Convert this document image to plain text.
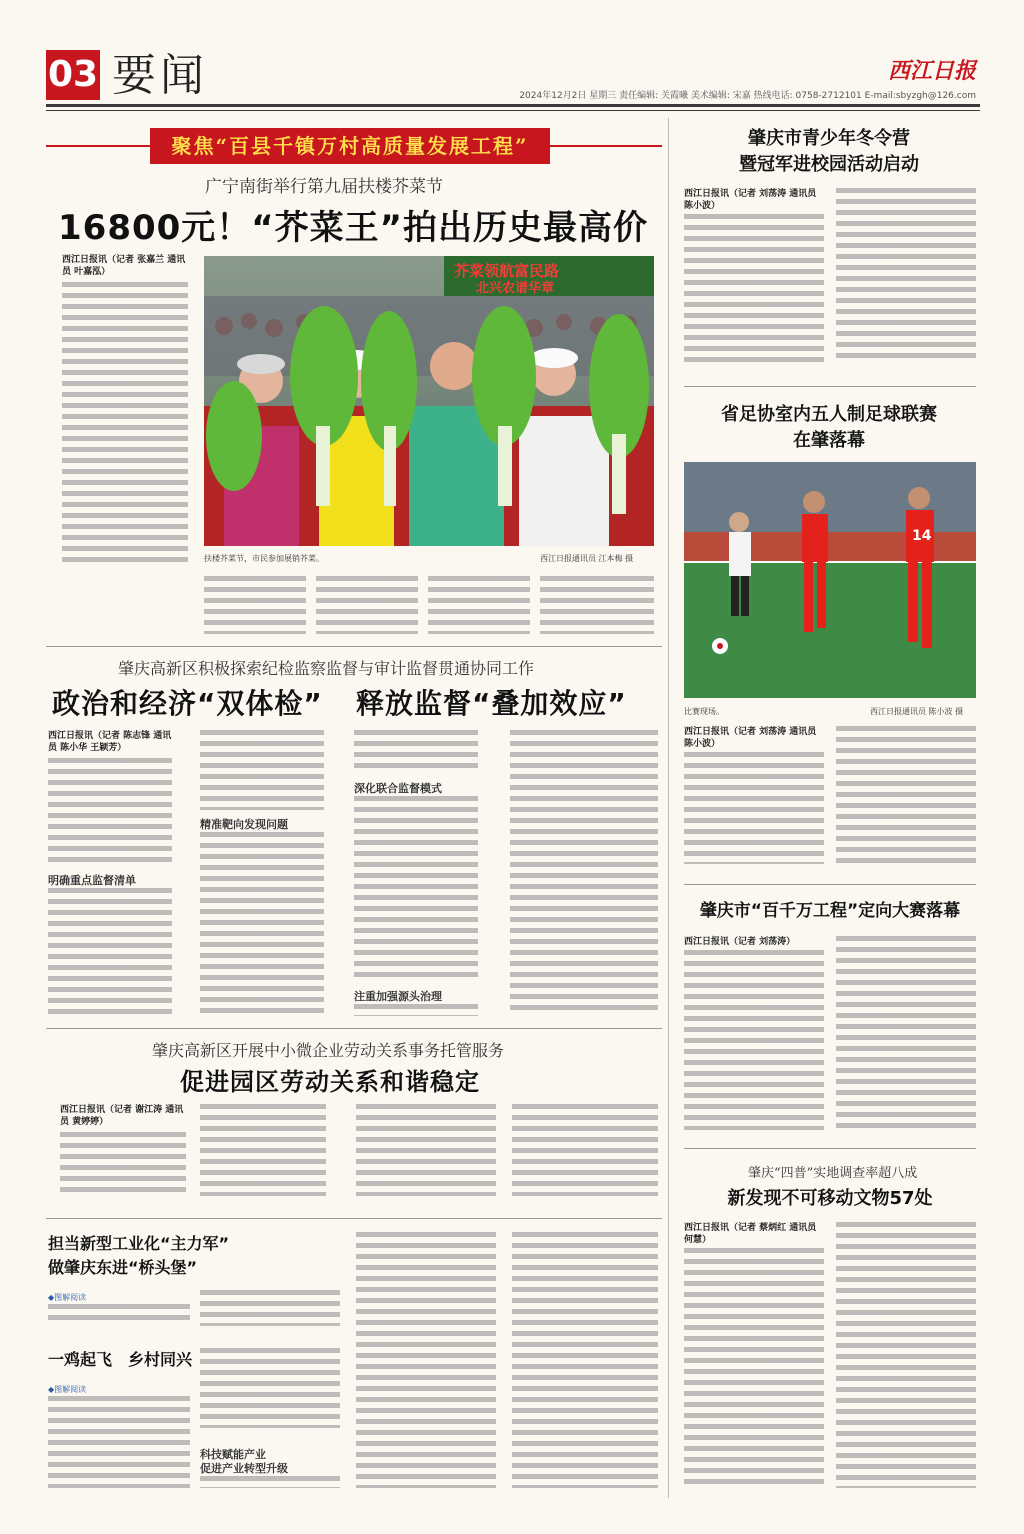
03 要闻	西江日报
2024年12月2日 星期三 责任编辑: 关霞曦 美术编辑: 宋嘉 热线电话: 0758-2712101 E-mail:sbyzgh@126.com
聚焦“百县千镇万村高质量发展工程”
广宁南街举行第九届扶楼芥菜节
16800元！“芥菜王”拍出历史最高价
西江日报讯（记者 张嘉兰 通讯员 叶嘉泓）	芥菜领航富民路
北兴农谱华章
扶楼芥菜节，市民参加展销芥菜。	西江日报通讯员 江本梅 摄
肇庆高新区积极探索纪检监察监督与审计监督贯通协同工作
政治和经济“双体检” 释放监督“叠加效应”
西江日报讯（记者 陈志锋 通讯员 陈小华 王颖芳）
明确重点监督清单
精准靶向发现问题
深化联合监督模式
注重加强源头治理
肇庆高新区开展中小微企业劳动关系事务托管服务
促进园区劳动关系和谐稳定
西江日报讯（记者 谢江涛 通讯员 黄婷婷）
担当新型工业化“主力军”
做肇庆东进“桥头堡”
◆图解阅读
一鸡起飞　乡村同兴
◆图解阅读
科技赋能产业
促进产业转型升级
肇庆市青少年冬令营
暨冠军进校园活动启动
西江日报讯（记者 刘荡涛 通讯员 陈小波）
省足协室内五人制足球联赛
在肇落幕
14
比赛现场。	西江日报通讯员 陈小波 摄
西江日报讯（记者 刘荡涛 通讯员 陈小波）
肇庆市“百千万工程”定向大赛落幕
西江日报讯（记者 刘荡涛）
肇庆“四普”实地调查率超八成
新发现不可移动文物57处
西江日报讯（记者 蔡炳红 通讯员 何慧）
